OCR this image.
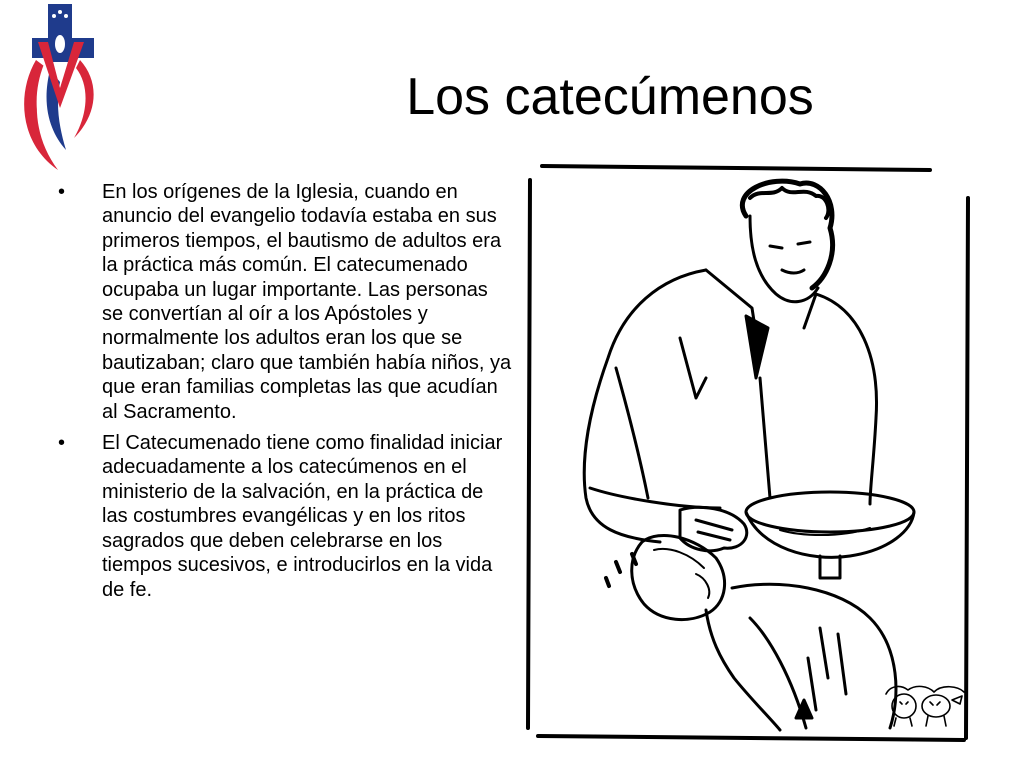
Los catecúmenos
• En los orígenes de la Iglesia, cuando en anuncio del evangelio todavía estaba en sus primeros tiempos, el bautismo de adultos era la práctica más común. El catecumenado ocupaba un lugar importante. Las personas se convertían al oír a los Apóstoles y normalmente los adultos eran los que se bautizaban; claro que también había niños, ya que eran familias completas las que acudían al Sacramento.
• El Catecumenado tiene como finalidad iniciar adecuadamente a los catecúmenos en el ministerio de la salvación, en la práctica de las costumbres evangélicas y en los ritos sagrados que deben celebrarse en los tiempos sucesivos, e introducirlos en la vida de fe.
